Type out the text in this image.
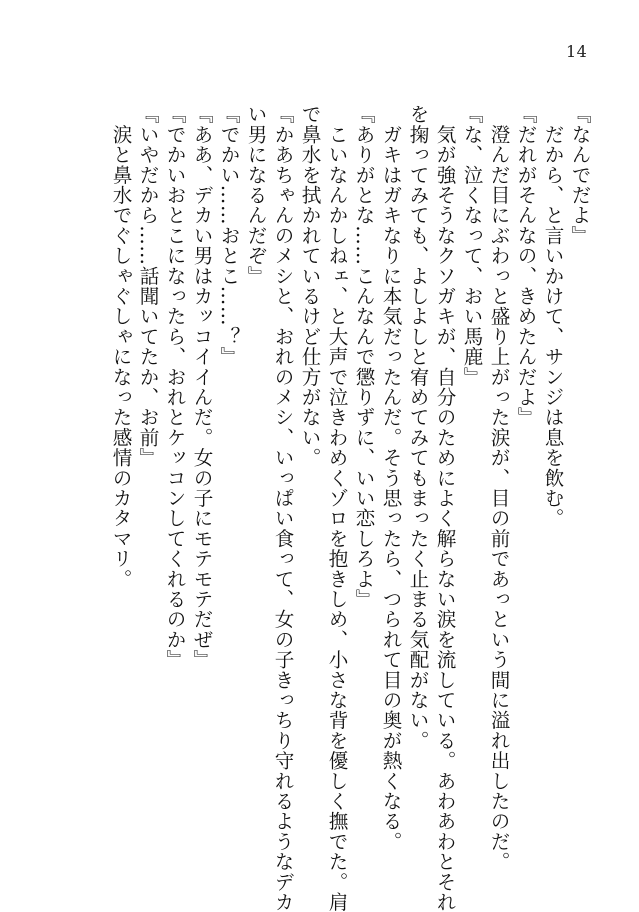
14

『なんでだよ』

　だから、と言いかけて、サンジは息を飲む。

『だれがそんなの、きめたんだよ』

　澄んだ目にぶわっと盛り上がった涙が、目の前であっという間に溢れ出したのだ。

『な、泣くなって、おい馬鹿』

　気が強そうなクソガキが、自分のためによく解らない涙を流している。あわあわとそれ

を掬ってみても、よしよしと宥めてみてもまったく止まる気配がない。

　ガキはガキなりに本気だったんだ。そう思ったら、つられて目の奥が熱くなる。

『ありがとな……こんなんで懲りずに、いい恋しろよ』

　こいなんかしねェ、と大声で泣きわめくゾロを抱きしめ、小さな背を優しく撫でた。肩

で鼻水を拭かれているけど仕方がない。

『かあちゃんのメシと、おれのメシ、いっぱい食って、女の子きっちり守れるようなデカ

い男になるんだぞ』

『でかい……おとこ……？』

『ああ、デカい男はカッコイイんだ。女の子にモテモテだぜ』

『でかいおとこになったら、おれとケッコンしてくれるのか』

『いやだから……話聞いてたか、お前』

　涙と鼻水でぐしゃぐしゃになった感情のカタマリ。
